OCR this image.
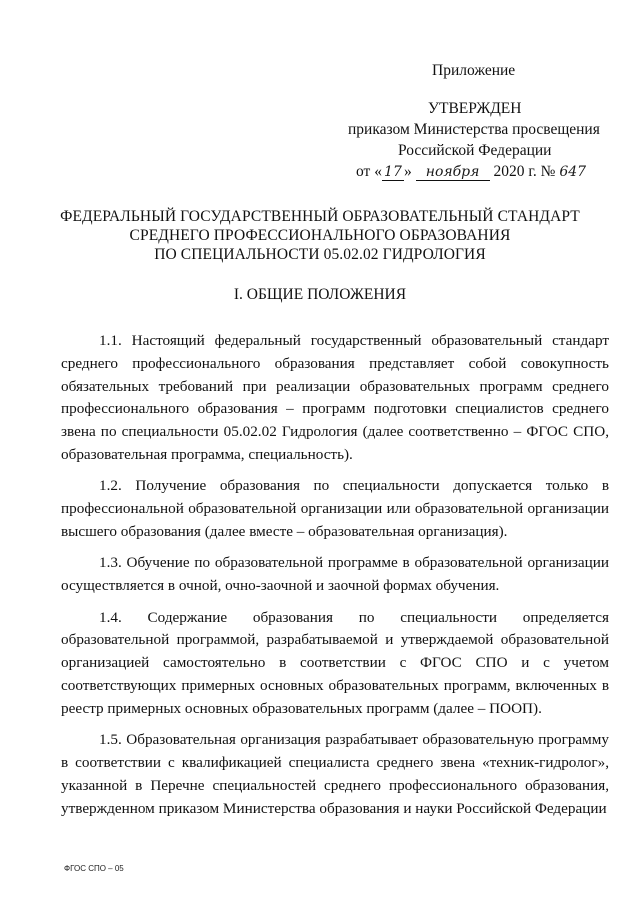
Приложение
УТВЕРЖДЕН
приказом Министерства просвещения
Российской Федерации
от « 17 » ноября 2020 г. № 647
ФЕДЕРАЛЬНЫЙ ГОСУДАРСТВЕННЫЙ ОБРАЗОВАТЕЛЬНЫЙ СТАНДАРТ
СРЕДНЕГО ПРОФЕССИОНАЛЬНОГО ОБРАЗОВАНИЯ
ПО СПЕЦИАЛЬНОСТИ 05.02.02 ГИДРОЛОГИЯ
I. ОБЩИЕ ПОЛОЖЕНИЯ

1.1. Настоящий федеральный государственный образовательный стандарт среднего профессионального образования представляет собой совокупность обязательных требований при реализации образовательных программ среднего профессионального образования – программ подготовки специалистов среднего звена по специальности 05.02.02 Гидрология (далее соответственно – ФГОС СПО, образовательная программа, специальность).

1.2. Получение образования по специальности допускается только в профессиональной образовательной организации или образовательной организации высшего образования (далее вместе – образовательная организация).

1.3. Обучение по образовательной программе в образовательной организации осуществляется в очной, очно-заочной и заочной формах обучения.

1.4. Содержание образования по специальности определяется образовательной программой, разрабатываемой и утверждаемой образовательной организацией самостоятельно в соответствии с ФГОС СПО и с учетом соответствующих примерных основных образовательных программ, включенных в реестр примерных основных образовательных программ (далее – ПООП).

1.5. Образовательная организация разрабатывает образовательную программу в соответствии с квалификацией специалиста среднего звена «техник-гидролог», указанной в Перечне специальностей среднего профессионального образования, утвержденном приказом Министерства образования и науки Российской Федерации

ФГОС СПО – 05
